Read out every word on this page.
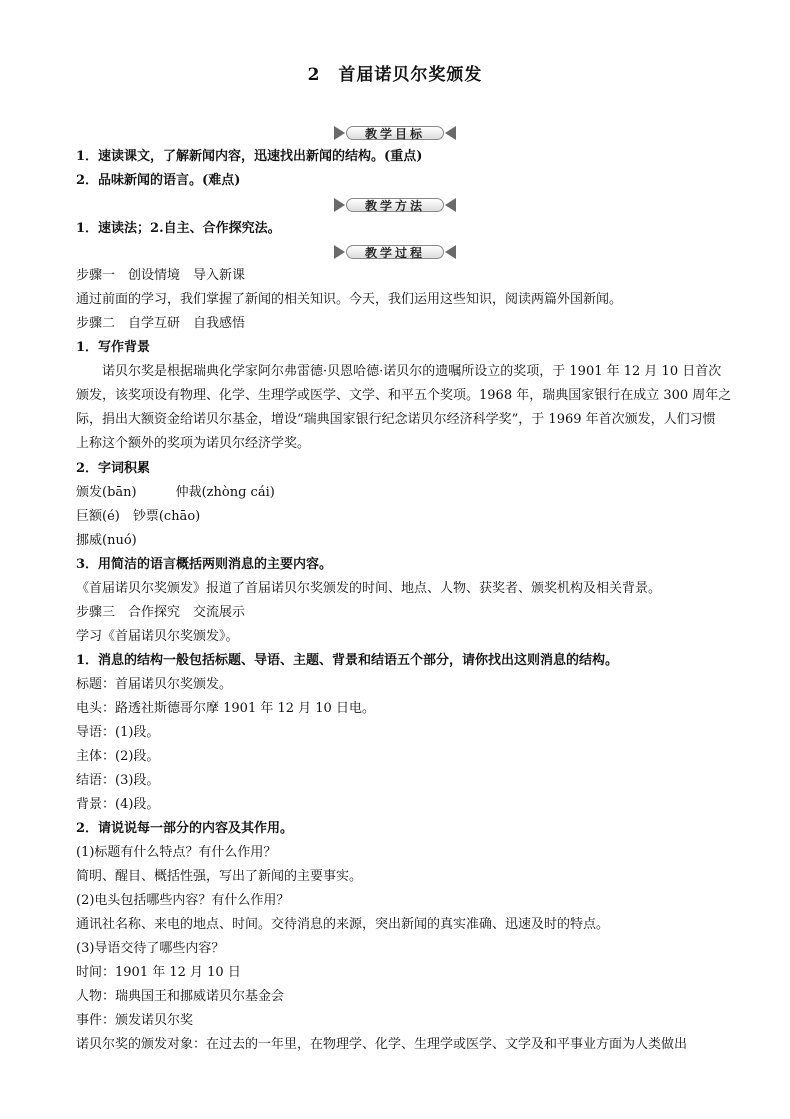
2　首届诺贝尔奖颁发
教学目标
1．速读课文，了解新闻内容，迅速找出新闻的结构。(重点)
2．品味新闻的语言。(难点)
教学方法
1．速读法；2.自主、合作探究法。
教学过程
步骤一　创设情境　导入新课
通过前面的学习，我们掌握了新闻的相关知识。今天，我们运用这些知识，阅读两篇外国新闻。
步骤二　自学互研　自我感悟
1．写作背景
诺贝尔奖是根据瑞典化学家阿尔弗雷德·贝恩哈德·诺贝尔的遗嘱所设立的奖项，于 1901 年 12 月 10 日首次
颁发，该奖项设有物理、化学、生理学或医学、文学、和平五个奖项。1968 年，瑞典国家银行在成立 300 周年之
际，捐出大额资金给诺贝尔基金，增设“瑞典国家银行纪念诺贝尔经济科学奖”，于 1969 年首次颁发，人们习惯
上称这个额外的奖项为诺贝尔经济学奖。
2．字词积累
颁发(bān)　　　仲裁(zhònɡ cái)
巨额(é)　钞票(chāo)
挪威(nuó)
3．用简洁的语言概括两则消息的主要内容。
《首届诺贝尔奖颁发》报道了首届诺贝尔奖颁发的时间、地点、人物、获奖者、颁奖机构及相关背景。
步骤三　合作探究　交流展示
学习《首届诺贝尔奖颁发》。
1．消息的结构一般包括标题、导语、主题、背景和结语五个部分，请你找出这则消息的结构。
标题：首届诺贝尔奖颁发。
电头：路透社斯德哥尔摩 1901 年 12 月 10 日电。
导语：(1)段。
主体：(2)段。
结语：(3)段。
背景：(4)段。
2．请说说每一部分的内容及其作用。
(1)标题有什么特点？有什么作用？
简明、醒目、概括性强，写出了新闻的主要事实。
(2)电头包括哪些内容？有什么作用？
通讯社名称、来电的地点、时间。交待消息的来源，突出新闻的真实准确、迅速及时的特点。
(3)导语交待了哪些内容？
时间：1901 年 12 月 10 日
人物：瑞典国王和挪威诺贝尔基金会
事件：颁发诺贝尔奖
诺贝尔奖的颁发对象：在过去的一年里，在物理学、化学、生理学或医学、文学及和平事业方面为人类做出
